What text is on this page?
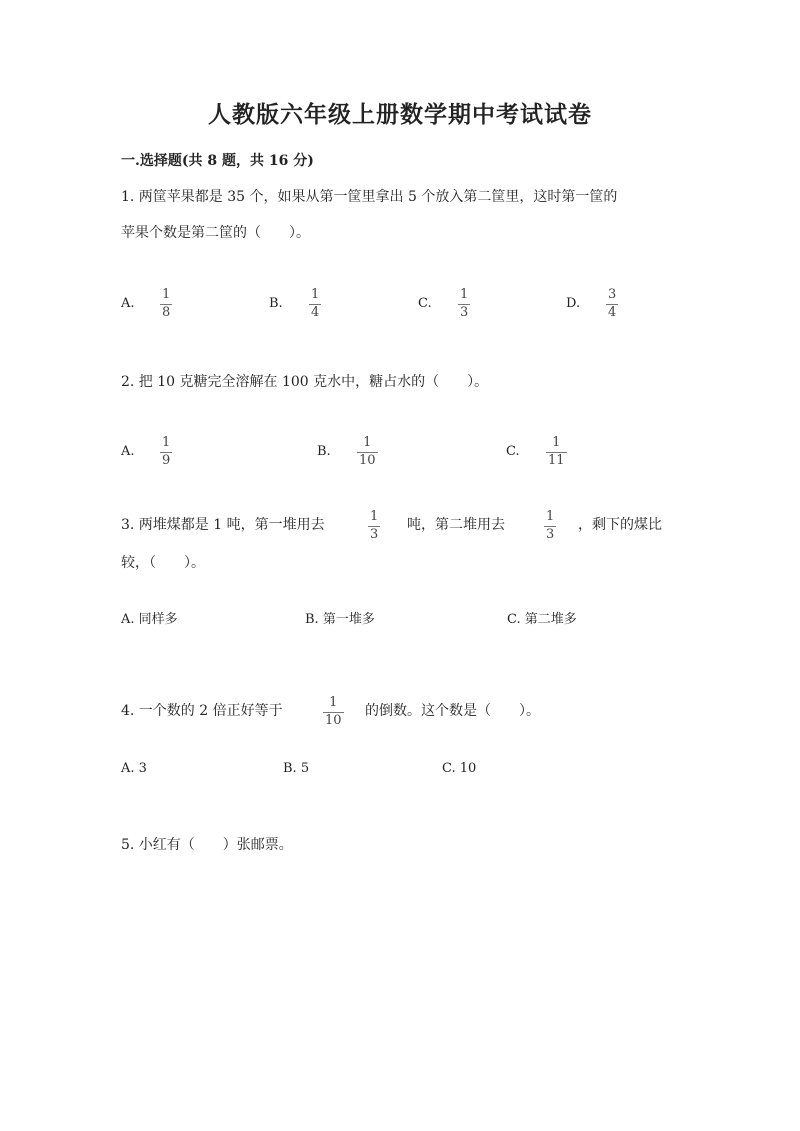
人教版六年级上册数学期中考试试卷
一.选择题(共 8 题，共 16 分)
1. 两筐苹果都是 35 个，如果从第一筐里拿出 5 个放入第二筐里，这时第一筐的
苹果个数是第二筐的（　　）。
A.
1
8
B.
1
4
C.
1
3
D.
3
4
2. 把 10 克糖完全溶解在 100 克水中，糖占水的（　　）。
A.
1
9
B.
1
10
C.
1
11
3. 两堆煤都是 1 吨，第一堆用去
1
3
吨，第二堆用去
1
3
，剩下的煤比
较，（　　）。
A. 同样多	B. 第一堆多	C. 第二堆多
4. 一个数的 2 倍正好等于
1
10
的倒数。这个数是（　　）。
A. 3	B. 5	C. 10
5. 小红有（　　）张邮票。
